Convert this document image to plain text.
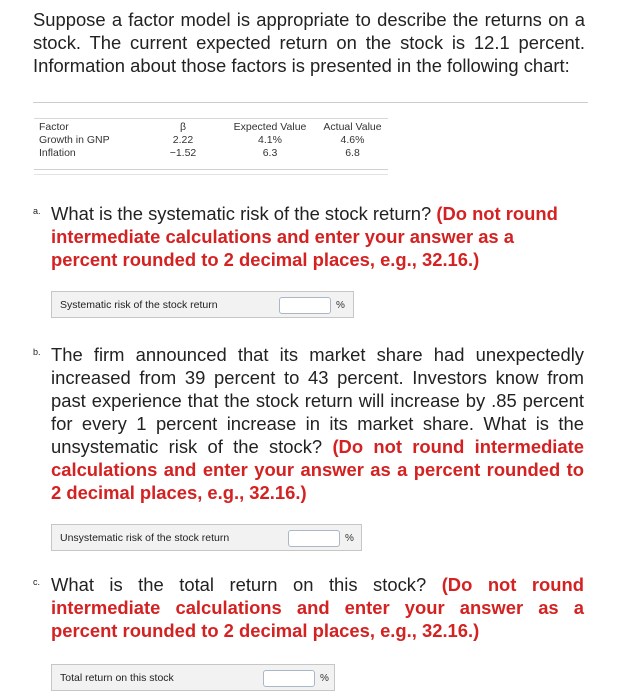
Suppose a factor model is appropriate to describe the returns on a stock. The current expected return on the stock is 12.1 percent. Information about those factors is presented in the following chart:

Factor	β	Expected Value	Actual Value
Growth in GNP	2.22	4.1%	4.6%
Inflation	−1.52	6.3	6.8
a. What is the systematic risk of the stock return? (Do not round intermediate calculations and enter your answer as a percent rounded to 2 decimal places, e.g., 32.16.)

Systematic risk of the stock return	%
b. The firm announced that its market share had unexpectedly increased from 39 percent to 43 percent. Investors know from past experience that the stock return will increase by .85 percent for every 1 percent increase in its market share. What is the unsystematic risk of the stock? (Do not round intermediate calculations and enter your answer as a percent rounded to 2 decimal places, e.g., 32.16.)

Unsystematic risk of the stock return	%
c. What is the total return on this stock? (Do not round intermediate calculations and enter your answer as a percent rounded to 2 decimal places, e.g., 32.16.)

Total return on this stock	%
